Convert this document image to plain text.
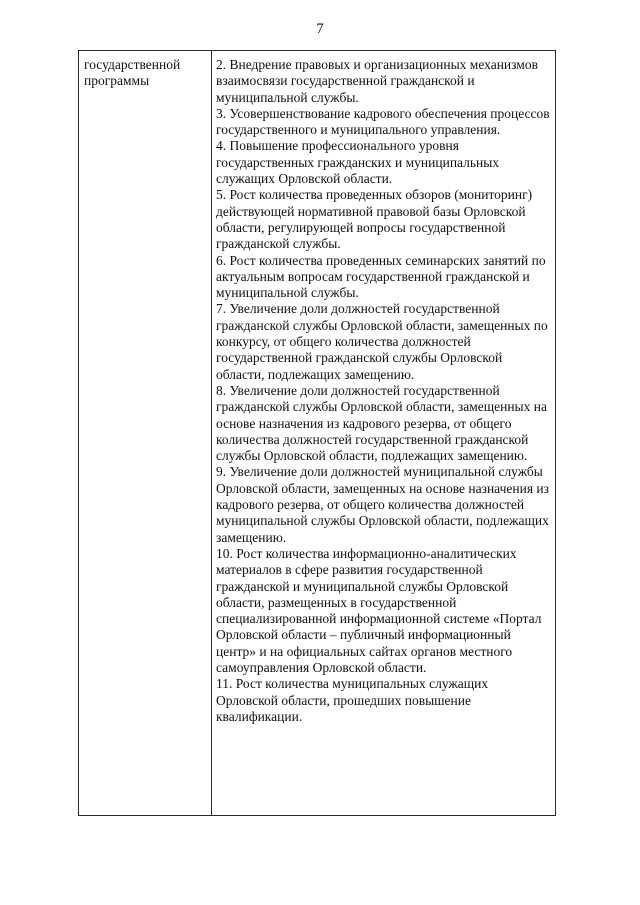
7
государственной программы

2. Внедрение правовых и организационных механизмов взаимосвязи государственной гражданской и муниципальной службы.

3. Усовершенствование кадрового обеспечения процессов государственного и муниципального управления.

4. Повышение профессионального уровня государственных гражданских и муниципальных служащих Орловской области.

5. Рост количества проведенных обзоров (мониторинг) действующей нормативной правовой базы Орловской области, регулирующей вопросы государственной гражданской службы.

6. Рост количества проведенных семинарских занятий по актуальным вопросам государственной гражданской и муниципальной службы.

7. Увеличение доли должностей государственной гражданской службы Орловской области, замещенных по конкурсу, от общего количества должностей государственной гражданской службы Орловской области, подлежащих замещению.

8. Увеличение доли должностей государственной гражданской службы Орловской области, замещенных на основе назначения из кадрового резерва, от общего количества должностей государственной гражданской службы Орловской области, подлежащих замещению.

9. Увеличение доли должностей муниципальной службы Орловской области, замещенных на основе назначения из кадрового резерва, от общего количества должностей муниципальной службы Орловской области, подлежащих замещению.

10. Рост количества информационно-аналитических материалов в сфере развития государственной гражданской и муниципальной службы Орловской области, размещенных в государственной специализированной информационной системе «Портал Орловской области – публичный информационный центр» и на официальных сайтах органов местного самоуправления Орловской области.

11. Рост количества муниципальных служащих Орловской области, прошедших повышение квалификации.
